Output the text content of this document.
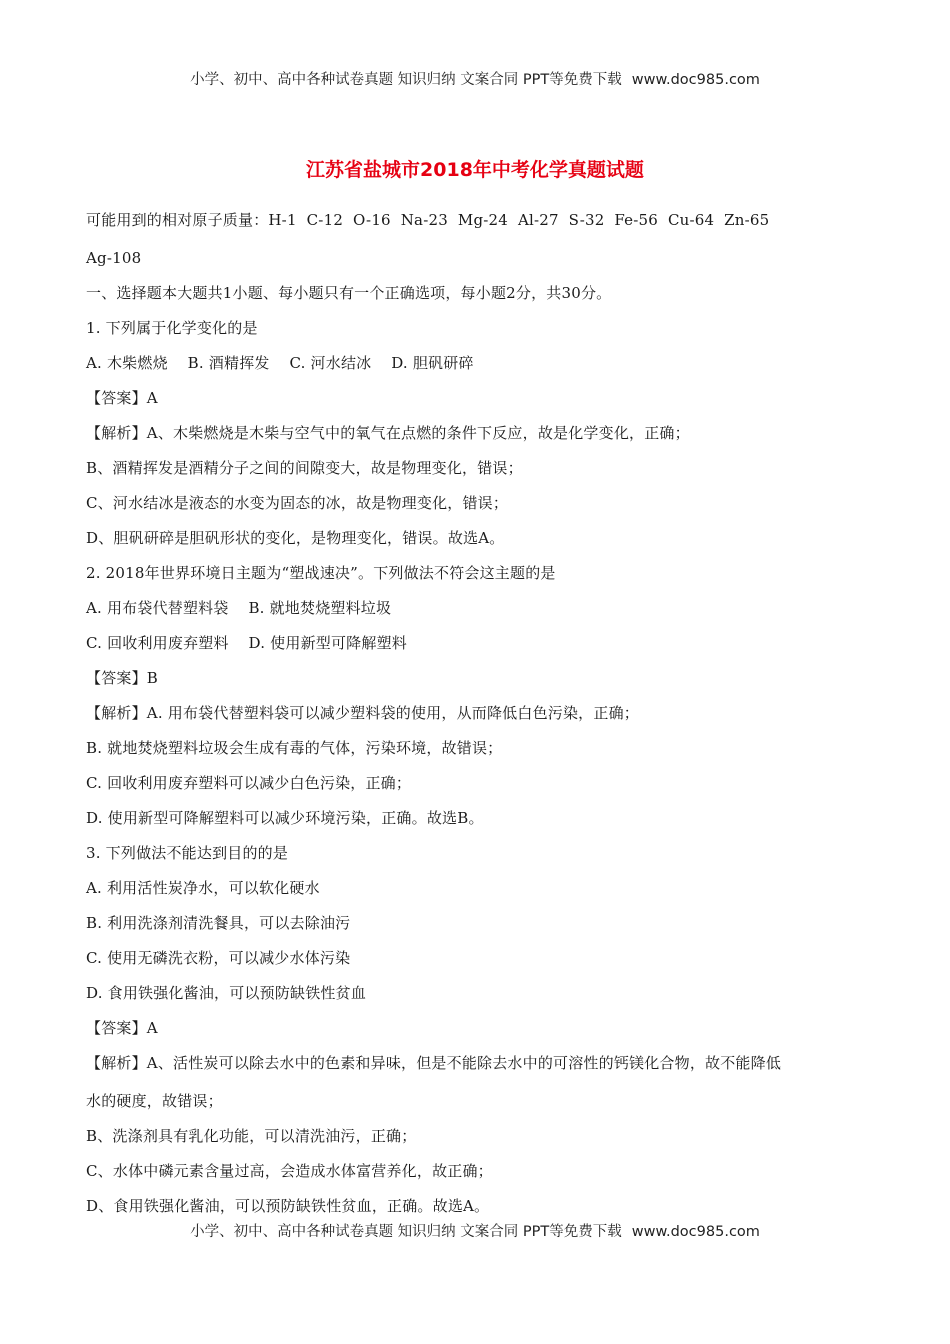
小学、初中、高中各种试卷真题 知识归纳 文案合同 PPT等免费下载 www.doc985.com
江苏省盐城市2018年中考化学真题试题
可能用到的相对原子质量：H-1  C-12  O-16  Na-23  Mg-24  Al-27  S-32  Fe-56  Cu-64  Zn-65
Ag-108
一、选择题本大题共1小题、每小题只有一个正确选项，每小题2分，共30分。
1. 下列属于化学变化的是
A. 木柴燃烧    B. 酒精挥发    C. 河水结冰    D. 胆矾研碎
【答案】A
【解析】A、木柴燃烧是木柴与空气中的氧气在点燃的条件下反应，故是化学变化，正确；
B、酒精挥发是酒精分子之间的间隙变大，故是物理变化，错误；
C、河水结冰是液态的水变为固态的冰，故是物理变化，错误；
D、胆矾研碎是胆矾形状的变化，是物理变化，错误。故选A。
2. 2018年世界环境日主题为“塑战速决”。下列做法不符会这主题的是
A. 用布袋代替塑料袋    B. 就地焚烧塑料垃圾
C. 回收利用废弃塑料    D. 使用新型可降解塑料
【答案】B
【解析】A. 用布袋代替塑料袋可以减少塑料袋的使用，从而降低白色污染，正确；
B. 就地焚烧塑料垃圾会生成有毒的气体，污染环境，故错误；
C. 回收利用废弃塑料可以减少白色污染，正确；
D. 使用新型可降解塑料可以减少环境污染，正确。故选B。
3. 下列做法不能达到目的的是
A. 利用活性炭净水，可以软化硬水
B. 利用洗涤剂清洗餐具，可以去除油污
C. 使用无磷洗衣粉，可以减少水体污染
D. 食用铁强化酱油，可以预防缺铁性贫血
【答案】A
【解析】A、活性炭可以除去水中的色素和异味，但是不能除去水中的可溶性的钙镁化合物，故不能降低
水的硬度，故错误；
B、洗涤剂具有乳化功能，可以清洗油污，正确；
C、水体中磷元素含量过高，会造成水体富营养化，故正确；
D、食用铁强化酱油，可以预防缺铁性贫血，正确。故选A。
小学、初中、高中各种试卷真题 知识归纳 文案合同 PPT等免费下载 www.doc985.com
